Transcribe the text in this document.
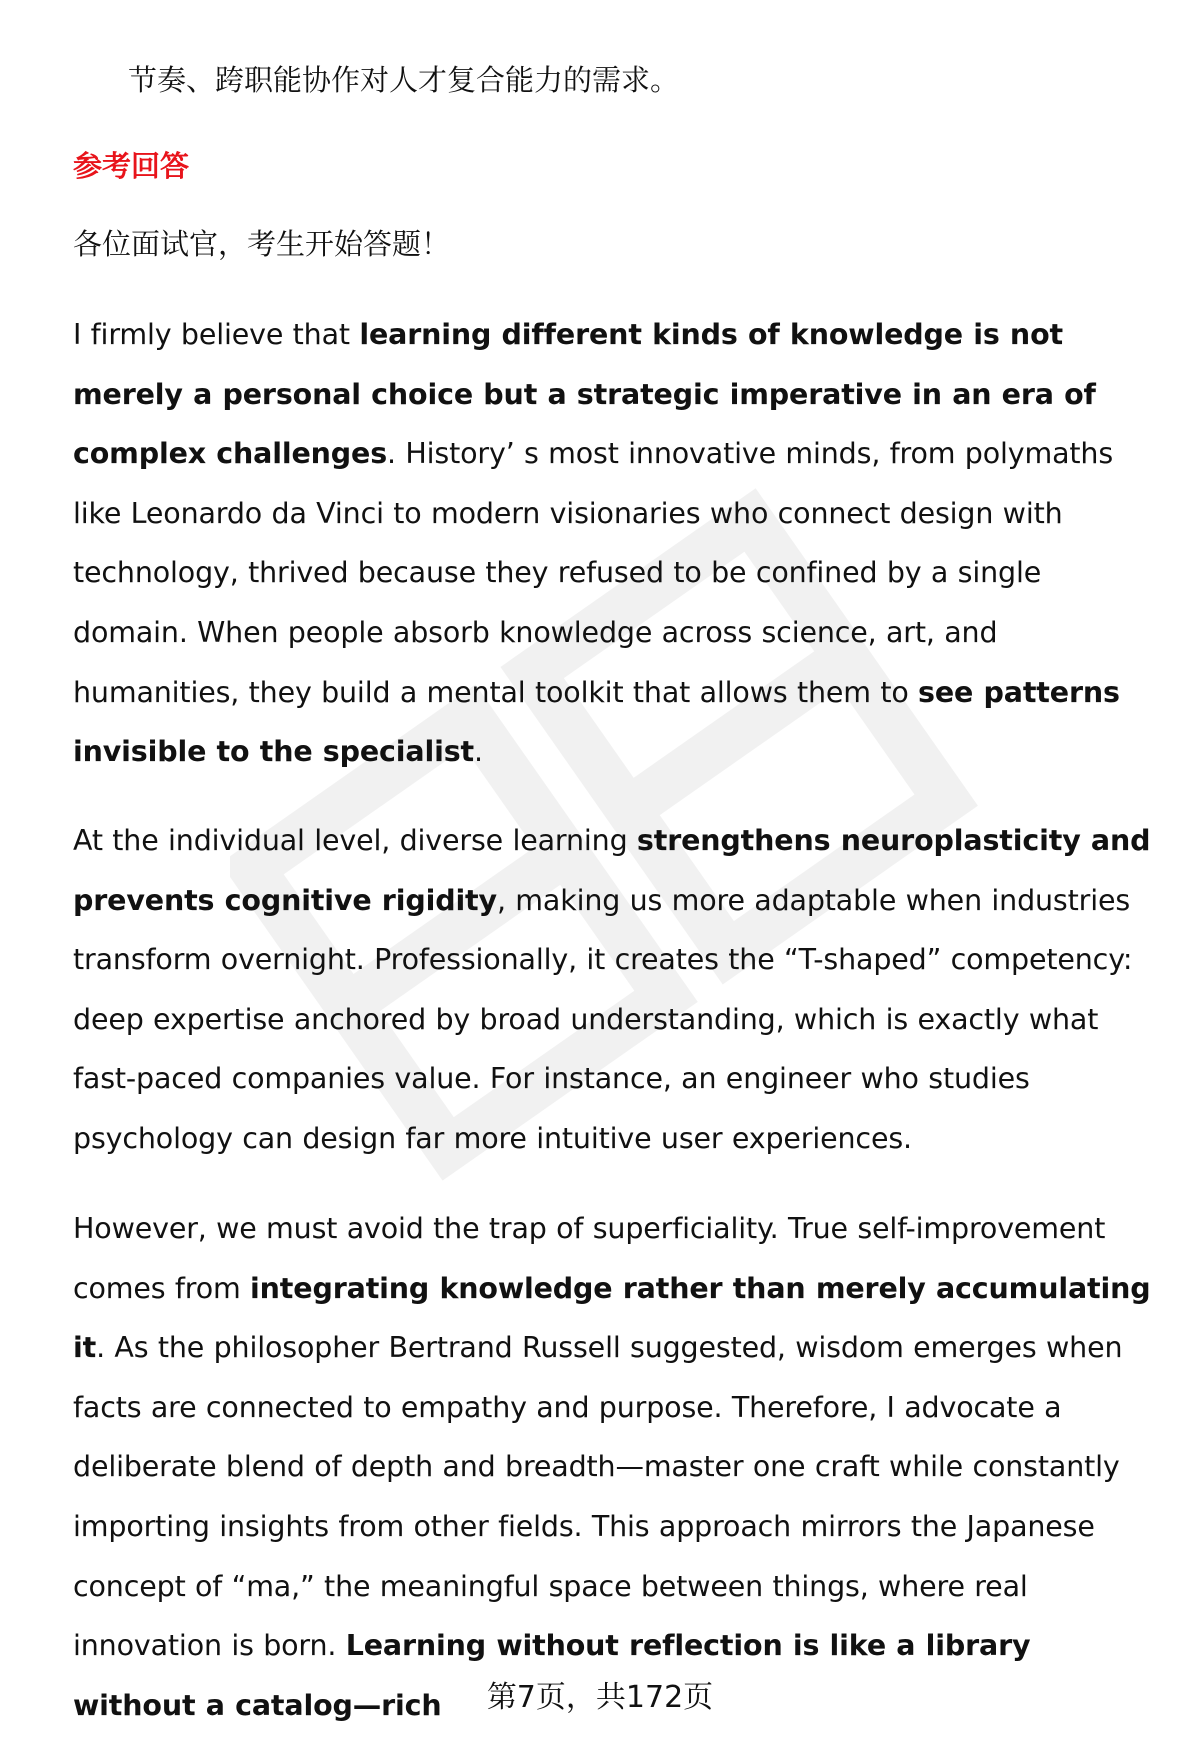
节奏、跨职能协作对人才复合能力的需求。
参考回答
各位面试官，考生开始答题！

I firmly believe that learning different kinds of knowledge is not merely a personal choice but a strategic imperative in an era of complex challenges. History’ s most innovative minds, from polymaths like Leonardo da Vinci to modern visionaries who connect design with technology, thrived because they refused to be confined by a single domain. When people absorb knowledge across science, art, and humanities, they build a mental toolkit that allows them to see patterns invisible to the specialist.

At the individual level, diverse learning strengthens neuroplasticity and prevents cognitive rigidity, making us more adaptable when industries transform overnight. Professionally, it creates the “T-shaped” competency: deep expertise anchored by broad understanding, which is exactly what fast-paced companies value. For instance, an engineer who studies psychology can design far more intuitive user experiences.

However, we must avoid the trap of superficiality. True self-improvement comes from integrating knowledge rather than merely accumulating it. As the philosopher Bertrand Russell suggested, wisdom emerges when facts are connected to empathy and purpose. Therefore, I advocate a deliberate blend of depth and breadth—master one craft while constantly importing insights from other fields. This approach mirrors the Japanese concept of “ma,” the meaningful space between things, where real innovation is born. Learning without reflection is like a library without a catalog—rich	第7页，共172页
